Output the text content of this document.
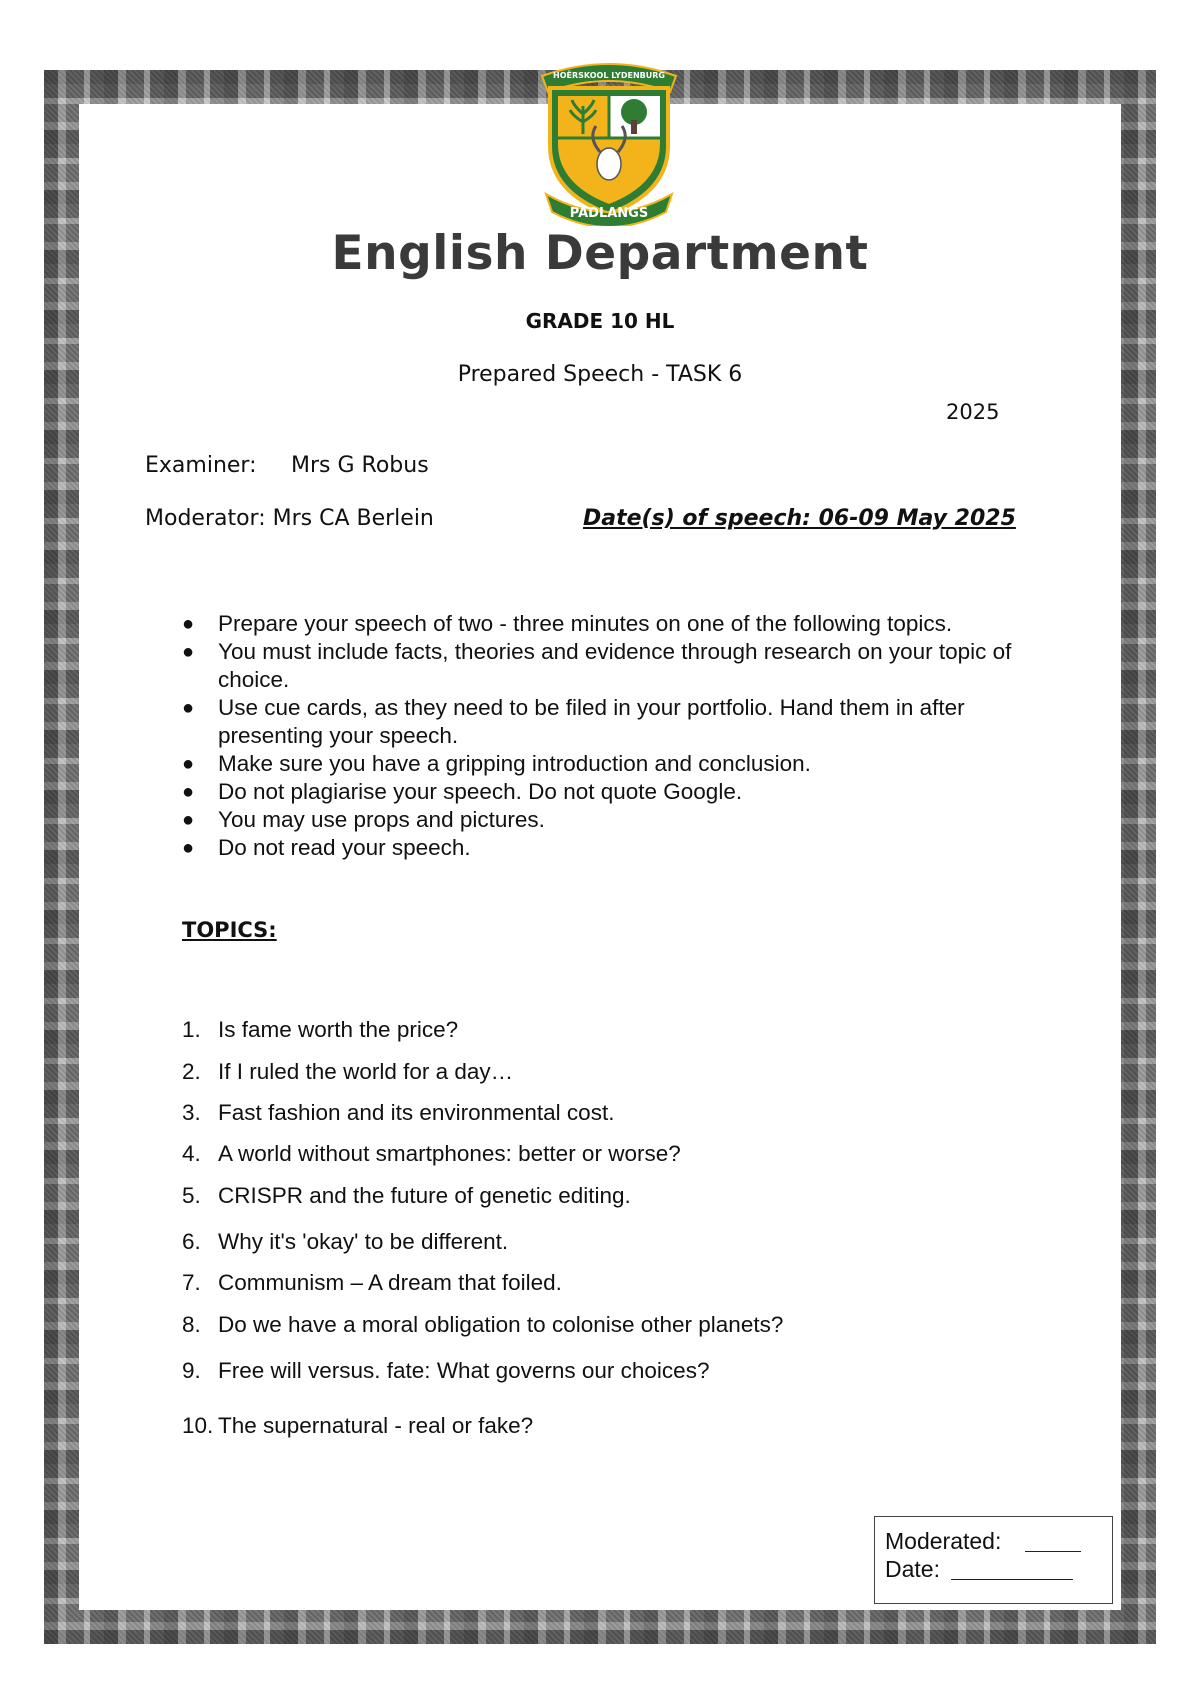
HOËRSKOOL LYDENBURG
PADLANGS
English Department
GRADE 10 HL
Prepared Speech - TASK 6
2025
Examiner: Mrs G Robus
Moderator: Mrs CA Berlein	Date(s) of speech: 06-09 May 2025
● Prepare your speech of two - three minutes on one of the following topics.
● You must include facts, theories and evidence through research on your topic of choice.
● Use cue cards, as they need to be filed in your portfolio. Hand them in after presenting your speech.
● Make sure you have a gripping introduction and conclusion.
● Do not plagiarise your speech. Do not quote Google.
● You may use props and pictures.
● Do not read your speech.
TOPICS:
1. Is fame worth the price?
2. If I ruled the world for a day…
3. Fast fashion and its environmental cost.
4. A world without smartphones: better or worse?
5. CRISPR and the future of genetic editing.
6. Why it's 'okay' to be different.
7. Communism – A dream that foiled.
8. Do we have a moral obligation to colonise other planets?
9. Free will versus. fate: What governs our choices?
10. The supernatural - real or fake?
Moderated:
Date:
